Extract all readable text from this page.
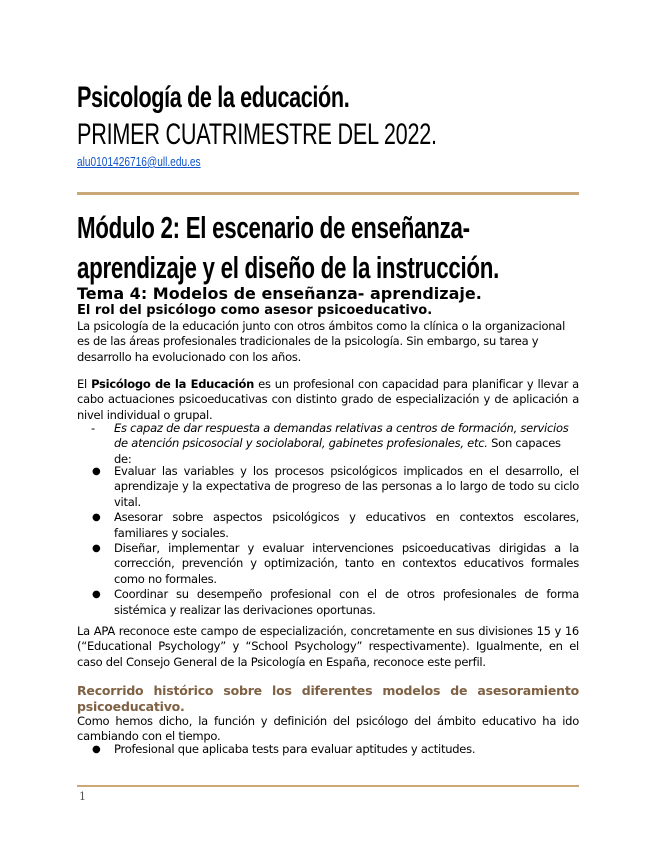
Psicología de la educación.
PRIMER CUATRIMESTRE DEL 2022.
alu0101426716@ull.edu.es
Módulo 2: El escenario de enseñanza-
aprendizaje y el diseño de la instrucción.
Tema 4: Modelos de enseñanza- aprendizaje.
El rol del psicólogo como asesor psicoeducativo.
La psicología de la educación junto con otros ámbitos como la clínica o la organizacional es de las áreas profesionales tradicionales de la psicología. Sin embargo, su tarea y desarrollo ha evolucionado con los años.
El Psicólogo de la Educación es un profesional con capacidad para planificar y llevar a cabo actuaciones psicoeducativas con distinto grado de especialización y de aplicación a nivel individual o grupal.
- Es capaz de dar respuesta a demandas relativas a centros de formación, servicios de atención psicosocial y sociolaboral, gabinetes profesionales, etc. Son capaces de:
● Evaluar las variables y los procesos psicológicos implicados en el desarrollo, el aprendizaje y la expectativa de progreso de las personas a lo largo de todo su ciclo vital.
● Asesorar sobre aspectos psicológicos y educativos en contextos escolares, familiares y sociales.
● Diseñar, implementar y evaluar intervenciones psicoeducativas dirigidas a la corrección, prevención y optimización, tanto en contextos educativos formales como no formales.
● Coordinar su desempeño profesional con el de otros profesionales de forma sistémica y realizar las derivaciones oportunas.
La APA reconoce este campo de especialización, concretamente en sus divisiones 15 y 16 (“Educational Psychology” y “School Psychology” respectivamente). Igualmente, en el caso del Consejo General de la Psicología en España, reconoce este perfil.
Recorrido histórico sobre los diferentes modelos de asesoramiento psicoeducativo.
Como hemos dicho, la función y definición del psicólogo del ámbito educativo ha ido cambiando con el tiempo.
● Profesional que aplicaba tests para evaluar aptitudes y actitudes.
1
